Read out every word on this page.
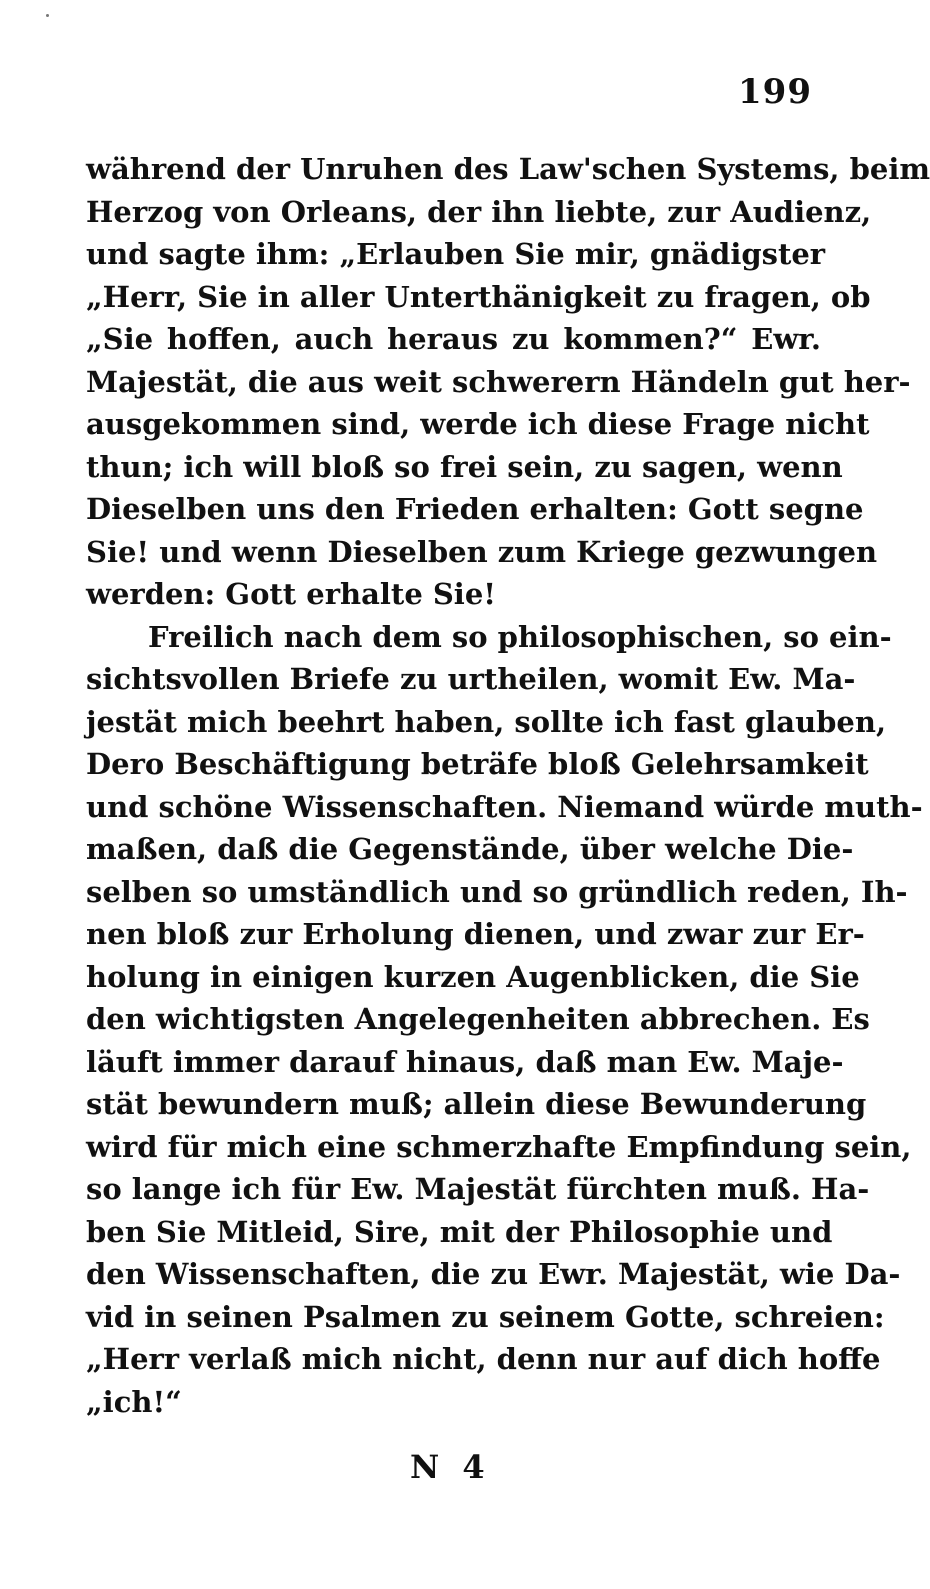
199
während der Unruhen des Law'schen Systems, beim
Herzog von Orleans, der ihn liebte, zur Audienz,
und sagte ihm: „Erlauben Sie mir, gnädigster
„Herr, Sie in aller Unterthänigkeit zu fragen, ob
„Sie hoffen, auch heraus zu kommen?“ Ewr.
Majestät, die aus weit schwerern Händeln gut her-
ausgekommen sind, werde ich diese Frage nicht
thun; ich will bloß so frei sein, zu sagen, wenn
Dieselben uns den Frieden erhalten: Gott segne
Sie! und wenn Dieselben zum Kriege gezwungen
werden: Gott erhalte Sie!
Freilich nach dem so philosophischen, so ein-
sichtsvollen Briefe zu urtheilen, womit Ew. Ma-
jestät mich beehrt haben, sollte ich fast glauben,
Dero Beschäftigung beträfe bloß Gelehrsamkeit
und schöne Wissenschaften. Niemand würde muth-
maßen, daß die Gegenstände, über welche Die-
selben so umständlich und so gründlich reden, Ih-
nen bloß zur Erholung dienen, und zwar zur Er-
holung in einigen kurzen Augenblicken, die Sie
den wichtigsten Angelegenheiten abbrechen. Es
läuft immer darauf hinaus, daß man Ew. Maje-
stät bewundern muß; allein diese Bewunderung
wird für mich eine schmerzhafte Empfindung sein,
so lange ich für Ew. Majestät fürchten muß. Ha-
ben Sie Mitleid, Sire, mit der Philosophie und
den Wissenschaften, die zu Ewr. Majestät, wie Da-
vid in seinen Psalmen zu seinem Gotte, schreien:
„Herr verlaß mich nicht, denn nur auf dich hoffe
„ich!“
N 4
